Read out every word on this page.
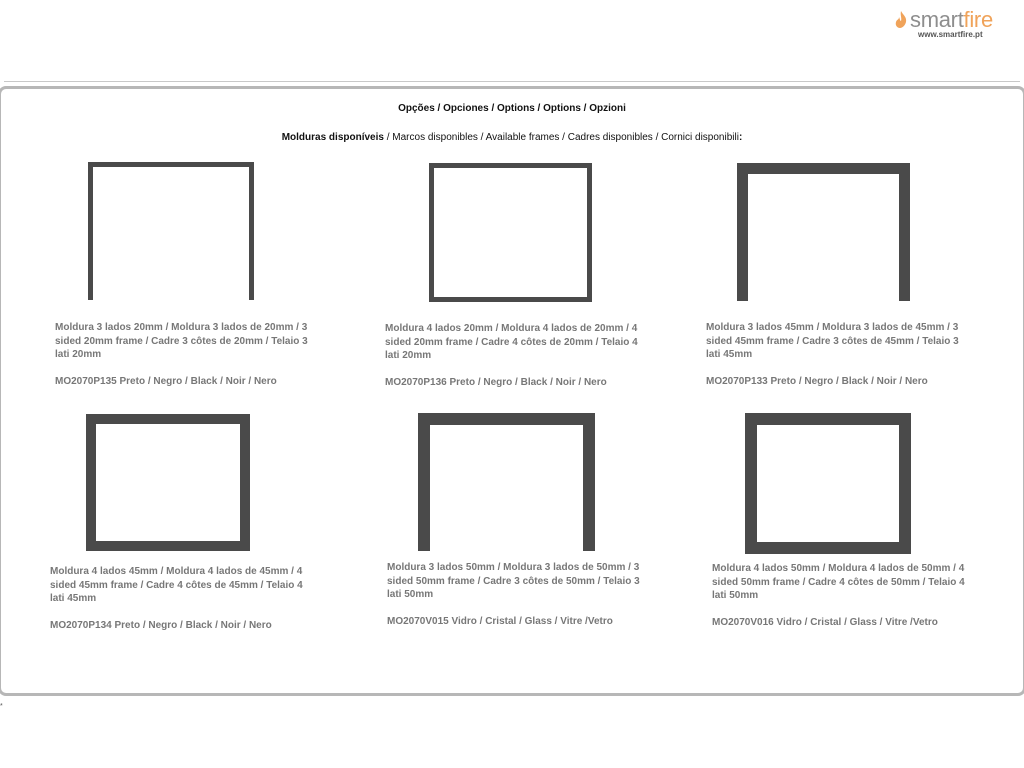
smartfire
www.smartfire.pt
Opções / Opciones / Options / Options / Opzioni
Molduras disponíveis / Marcos disponibles / Available frames / Cadres disponibles / Cornici disponibili:
Moldura 3 lados 20mm / Moldura 3 lados de 20mm / 3 sided 20mm frame / Cadre 3 côtes de 20mm / Telaio 3 lati 20mm
MO2070P135 Preto / Negro / Black / Noir / Nero
Moldura 4 lados 20mm / Moldura 4 lados de 20mm / 4 sided 20mm frame / Cadre 4 côtes de 20mm / Telaio 4 lati 20mm
MO2070P136 Preto / Negro / Black / Noir / Nero
Moldura 3 lados 45mm / Moldura 3 lados de 45mm / 3 sided 45mm frame / Cadre 3 côtes de 45mm / Telaio 3 lati 45mm
MO2070P133 Preto / Negro / Black / Noir / Nero
Moldura 4 lados 45mm / Moldura 4 lados de 45mm / 4 sided 45mm frame / Cadre 4 côtes de 45mm / Telaio 4 lati 45mm
MO2070P134 Preto / Negro / Black / Noir / Nero
Moldura 3 lados 50mm / Moldura 3 lados de 50mm / 3 sided 50mm frame / Cadre 3 côtes de 50mm / Telaio 3 lati 50mm
MO2070V015 Vidro / Cristal / Glass / Vitre /Vetro
Moldura 4 lados 50mm / Moldura 4 lados de 50mm / 4 sided 50mm frame / Cadre 4 côtes de 50mm / Telaio 4 lati 50mm
MO2070V016 Vidro / Cristal / Glass / Vitre /Vetro
*
